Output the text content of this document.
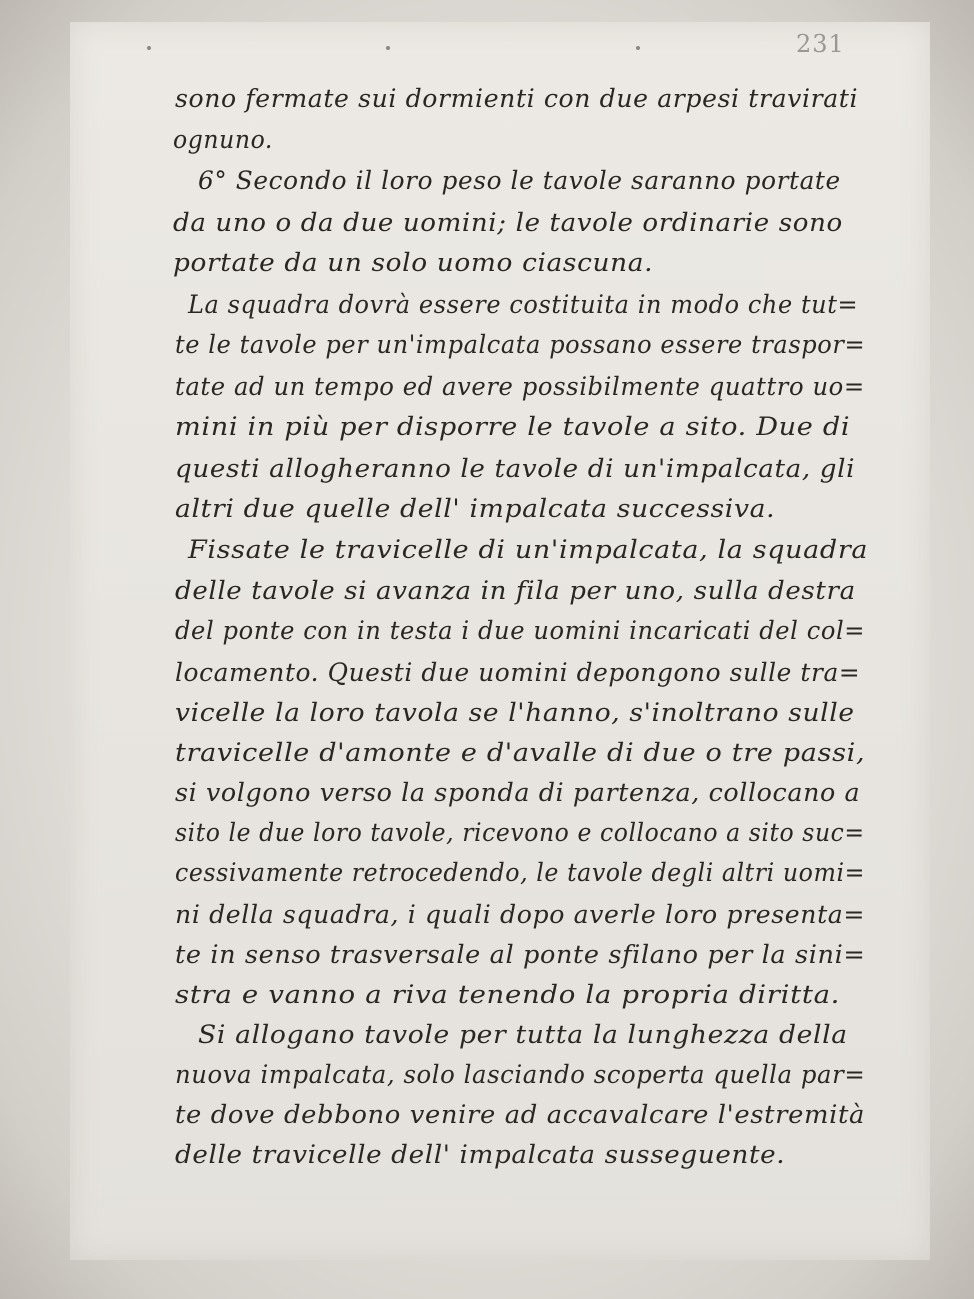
231
sono fermate sui dormienti con due arpesi travirati
ognuno.
6° Secondo il loro peso le tavole saranno portate
da uno o da due uomini; le tavole ordinarie sono
portate da un solo uomo ciascuna.
La squadra dovrà essere costituita in modo che tut=
te le tavole per un'impalcata possano essere traspor=
tate ad un tempo ed avere possibilmente quattro uo=
mini in più per disporre le tavole a sito. Due di
questi allogheranno le tavole di un'impalcata, gli
altri due quelle dell' impalcata successiva.
Fissate le travicelle di un'impalcata, la squadra
delle tavole si avanza in fila per uno, sulla destra
del ponte con in testa i due uomini incaricati del col=
locamento. Questi due uomini depongono sulle tra=
vicelle la loro tavola se l'hanno, s'inoltrano sulle
travicelle d'amonte e d'avalle di due o tre passi,
si volgono verso la sponda di partenza, collocano a
sito le due loro tavole, ricevono e collocano a sito suc=
cessivamente retrocedendo, le tavole degli altri uomi=
ni della squadra, i quali dopo averle loro presenta=
te in senso trasversale al ponte sfilano per la sini=
stra e vanno a riva tenendo la propria diritta.
Si allogano tavole per tutta la lunghezza della
nuova impalcata, solo lasciando scoperta quella par=
te dove debbono venire ad accavalcare l'estremità
delle travicelle dell' impalcata susseguente.
